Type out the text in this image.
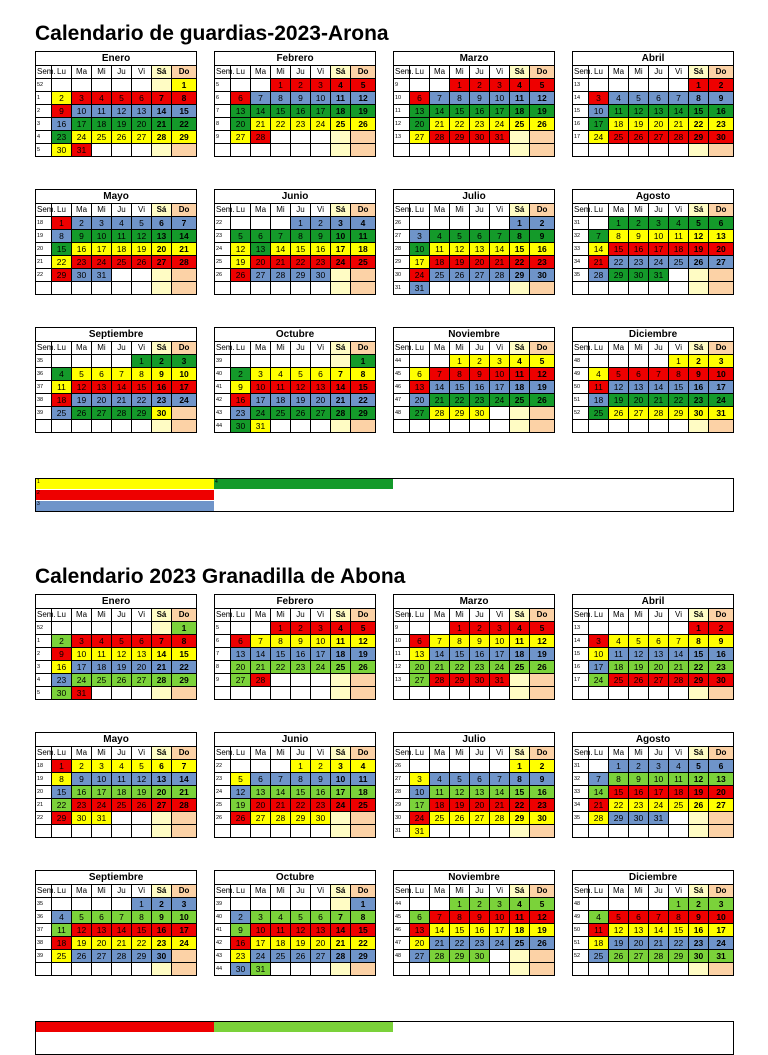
Calendario de guardias-2023-Arona
Enero							
Sem.	Lu	Ma	Mi	Ju	Vi	Sá	Do
52							1
1	2	3	4	5	6	7	8
2	9	10	11	12	13	14	15
3	16	17	18	19	20	21	22
4	23	24	25	26	27	28	29
5	30	31					
Febrero							
Sem.	Lu	Ma	Mi	Ju	Vi	Sá	Do
5			1	2	3	4	5
6	6	7	8	9	10	11	12
7	13	14	15	16	17	18	19
8	20	21	22	23	24	25	26
9	27	28					

Marzo							
Sem.	Lu	Ma	Mi	Ju	Vi	Sá	Do
9			1	2	3	4	5
10	6	7	8	9	10	11	12
11	13	14	15	16	17	18	19
12	20	21	22	23	24	25	26
13	27	28	29	30	31		

Abril							
Sem.	Lu	Ma	Mi	Ju	Vi	Sá	Do
13						1	2
14	3	4	5	6	7	8	9
15	10	11	12	13	14	15	16
16	17	18	19	20	21	22	23
17	24	25	26	27	28	29	30

Mayo							
Sem.	Lu	Ma	Mi	Ju	Vi	Sá	Do
18	1	2	3	4	5	6	7
19	8	9	10	11	12	13	14
20	15	16	17	18	19	20	21
21	22	23	24	25	26	27	28
22	29	30	31				

Junio							
Sem.	Lu	Ma	Mi	Ju	Vi	Sá	Do
22				1	2	3	4
23	5	6	7	8	9	10	11
24	12	13	14	15	16	17	18
25	19	20	21	22	23	24	25
26	26	27	28	29	30		

Julio							
Sem.	Lu	Ma	Mi	Ju	Vi	Sá	Do
26						1	2
27	3	4	5	6	7	8	9
28	10	11	12	13	14	15	16
29	17	18	19	20	21	22	23
30	24	25	26	27	28	29	30
31	31						
Agosto							
Sem.	Lu	Ma	Mi	Ju	Vi	Sá	Do
31		1	2	3	4	5	6
32	7	8	9	10	11	12	13
33	14	15	16	17	18	19	20
34	21	22	23	24	25	26	27
35	28	29	30	31			

Septiembre							
Sem.	Lu	Ma	Mi	Ju	Vi	Sá	Do
35					1	2	3
36	4	5	6	7	8	9	10
37	11	12	13	14	15	16	17
38	18	19	20	21	22	23	24
39	25	26	27	28	29	30	

Octubre							
Sem.	Lu	Ma	Mi	Ju	Vi	Sá	Do
39							1
40	2	3	4	5	6	7	8
41	9	10	11	12	13	14	15
42	16	17	18	19	20	21	22
43	23	24	25	26	27	28	29
44	30	31					
Noviembre							
Sem.	Lu	Ma	Mi	Ju	Vi	Sá	Do
44			1	2	3	4	5
45	6	7	8	9	10	11	12
46	13	14	15	16	17	18	19
47	20	21	22	23	24	25	26
48	27	28	29	30			

Diciembre							
Sem.	Lu	Ma	Mi	Ju	Vi	Sá	Do
48					1	2	3
49	4	5	6	7	8	9	10
50	11	12	13	14	15	16	17
51	18	19	20	21	22	23	24
52	25	26	27	28	29	30	31

1	4
2
3
Calendario 2023 Granadilla de Abona
Enero							
Sem.	Lu	Ma	Mi	Ju	Vi	Sá	Do
52							1
1	2	3	4	5	6	7	8
2	9	10	11	12	13	14	15
3	16	17	18	19	20	21	22
4	23	24	25	26	27	28	29
5	30	31					
Febrero							
Sem.	Lu	Ma	Mi	Ju	Vi	Sá	Do
5			1	2	3	4	5
6	6	7	8	9	10	11	12
7	13	14	15	16	17	18	19
8	20	21	22	23	24	25	26
9	27	28					

Marzo							
Sem.	Lu	Ma	Mi	Ju	Vi	Sá	Do
9			1	2	3	4	5
10	6	7	8	9	10	11	12
11	13	14	15	16	17	18	19
12	20	21	22	23	24	25	26
13	27	28	29	30	31		

Abril							
Sem.	Lu	Ma	Mi	Ju	Vi	Sá	Do
13						1	2
14	3	4	5	6	7	8	9
15	10	11	12	13	14	15	16
16	17	18	19	20	21	22	23
17	24	25	26	27	28	29	30

Mayo							
Sem.	Lu	Ma	Mi	Ju	Vi	Sá	Do
18	1	2	3	4	5	6	7
19	8	9	10	11	12	13	14
20	15	16	17	18	19	20	21
21	22	23	24	25	26	27	28
22	29	30	31				

Junio							
Sem.	Lu	Ma	Mi	Ju	Vi	Sá	Do
22				1	2	3	4
23	5	6	7	8	9	10	11
24	12	13	14	15	16	17	18
25	19	20	21	22	23	24	25
26	26	27	28	29	30		

Julio							
Sem.	Lu	Ma	Mi	Ju	Vi	Sá	Do
26						1	2
27	3	4	5	6	7	8	9
28	10	11	12	13	14	15	16
29	17	18	19	20	21	22	23
30	24	25	26	27	28	29	30
31	31						
Agosto							
Sem.	Lu	Ma	Mi	Ju	Vi	Sá	Do
31		1	2	3	4	5	6
32	7	8	9	10	11	12	13
33	14	15	16	17	18	19	20
34	21	22	23	24	25	26	27
35	28	29	30	31			

Septiembre							
Sem.	Lu	Ma	Mi	Ju	Vi	Sá	Do
35					1	2	3
36	4	5	6	7	8	9	10
37	11	12	13	14	15	16	17
38	18	19	20	21	22	23	24
39	25	26	27	28	29	30	

Octubre							
Sem.	Lu	Ma	Mi	Ju	Vi	Sá	Do
39							1
40	2	3	4	5	6	7	8
41	9	10	11	12	13	14	15
42	16	17	18	19	20	21	22
43	23	24	25	26	27	28	29
44	30	31					
Noviembre							
Sem.	Lu	Ma	Mi	Ju	Vi	Sá	Do
44			1	2	3	4	5
45	6	7	8	9	10	11	12
46	13	14	15	16	17	18	19
47	20	21	22	23	24	25	26
48	27	28	29	30			

Diciembre							
Sem.	Lu	Ma	Mi	Ju	Vi	Sá	Do
48					1	2	3
49	4	5	6	7	8	9	10
50	11	12	13	14	15	16	17
51	18	19	20	21	22	23	24
52	25	26	27	28	29	30	31
